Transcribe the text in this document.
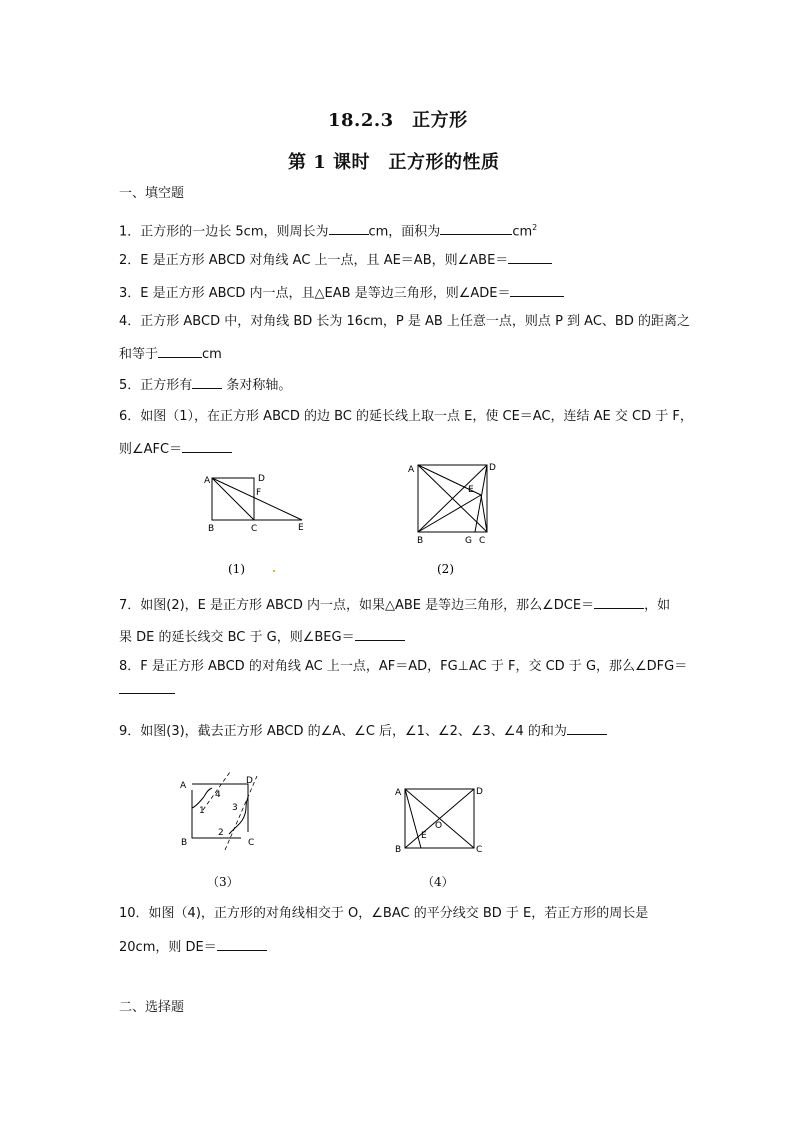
18.2.3　正方形
第 1 课时　正方形的性质
一、填空题
1．正方形的一边长 5cm，则周长为	cm，面积为	$cm^2$
2．E 是正方形 ABCD 对角线 AC 上一点，且 AE＝AB，则∠ABE＝
3．E 是正方形 ABCD 内一点，且△EAB 是等边三角形，则∠ADE＝
4．正方形 ABCD 中，对角线 BD 长为 16cm，P 是 AB 上任意一点，则点 P 到 AC、BD 的距离之
和等于	cm
5．正方形有	条对称轴。
6．如图（1），在正方形 ABCD 的边 BC 的延长线上取一点 E，使 CE＝AC，连结 AE 交 CD 于 F，
则∠AFC＝
A	D
F
B	C	E
(1)
A	D
E
B	G C
(2)
7．如图(2)，E 是正方形 ABCD 内一点，如果△ABE 是等边三角形，那么∠DCE＝	，如
果 DE 的延长线交 BC 于 G，则∠BEG＝
8．F 是正方形 ABCD 的对角线 AC 上一点，AF＝AD，FG⊥AC 于 F，交 CD 于 G，那么∠DFG＝
9．如图(3)，截去正方形 ABCD 的∠A、∠C 后，∠1、∠2、∠3、∠4 的和为
A	D
B	C
1
2
3
4
（3）
A	D
B	C
E
O
（4）
10．如图（4)，正方形的对角线相交于 O，∠BAC 的平分线交 BD 于 E，若正方形的周长是
20cm，则 DE＝
二、选择题
